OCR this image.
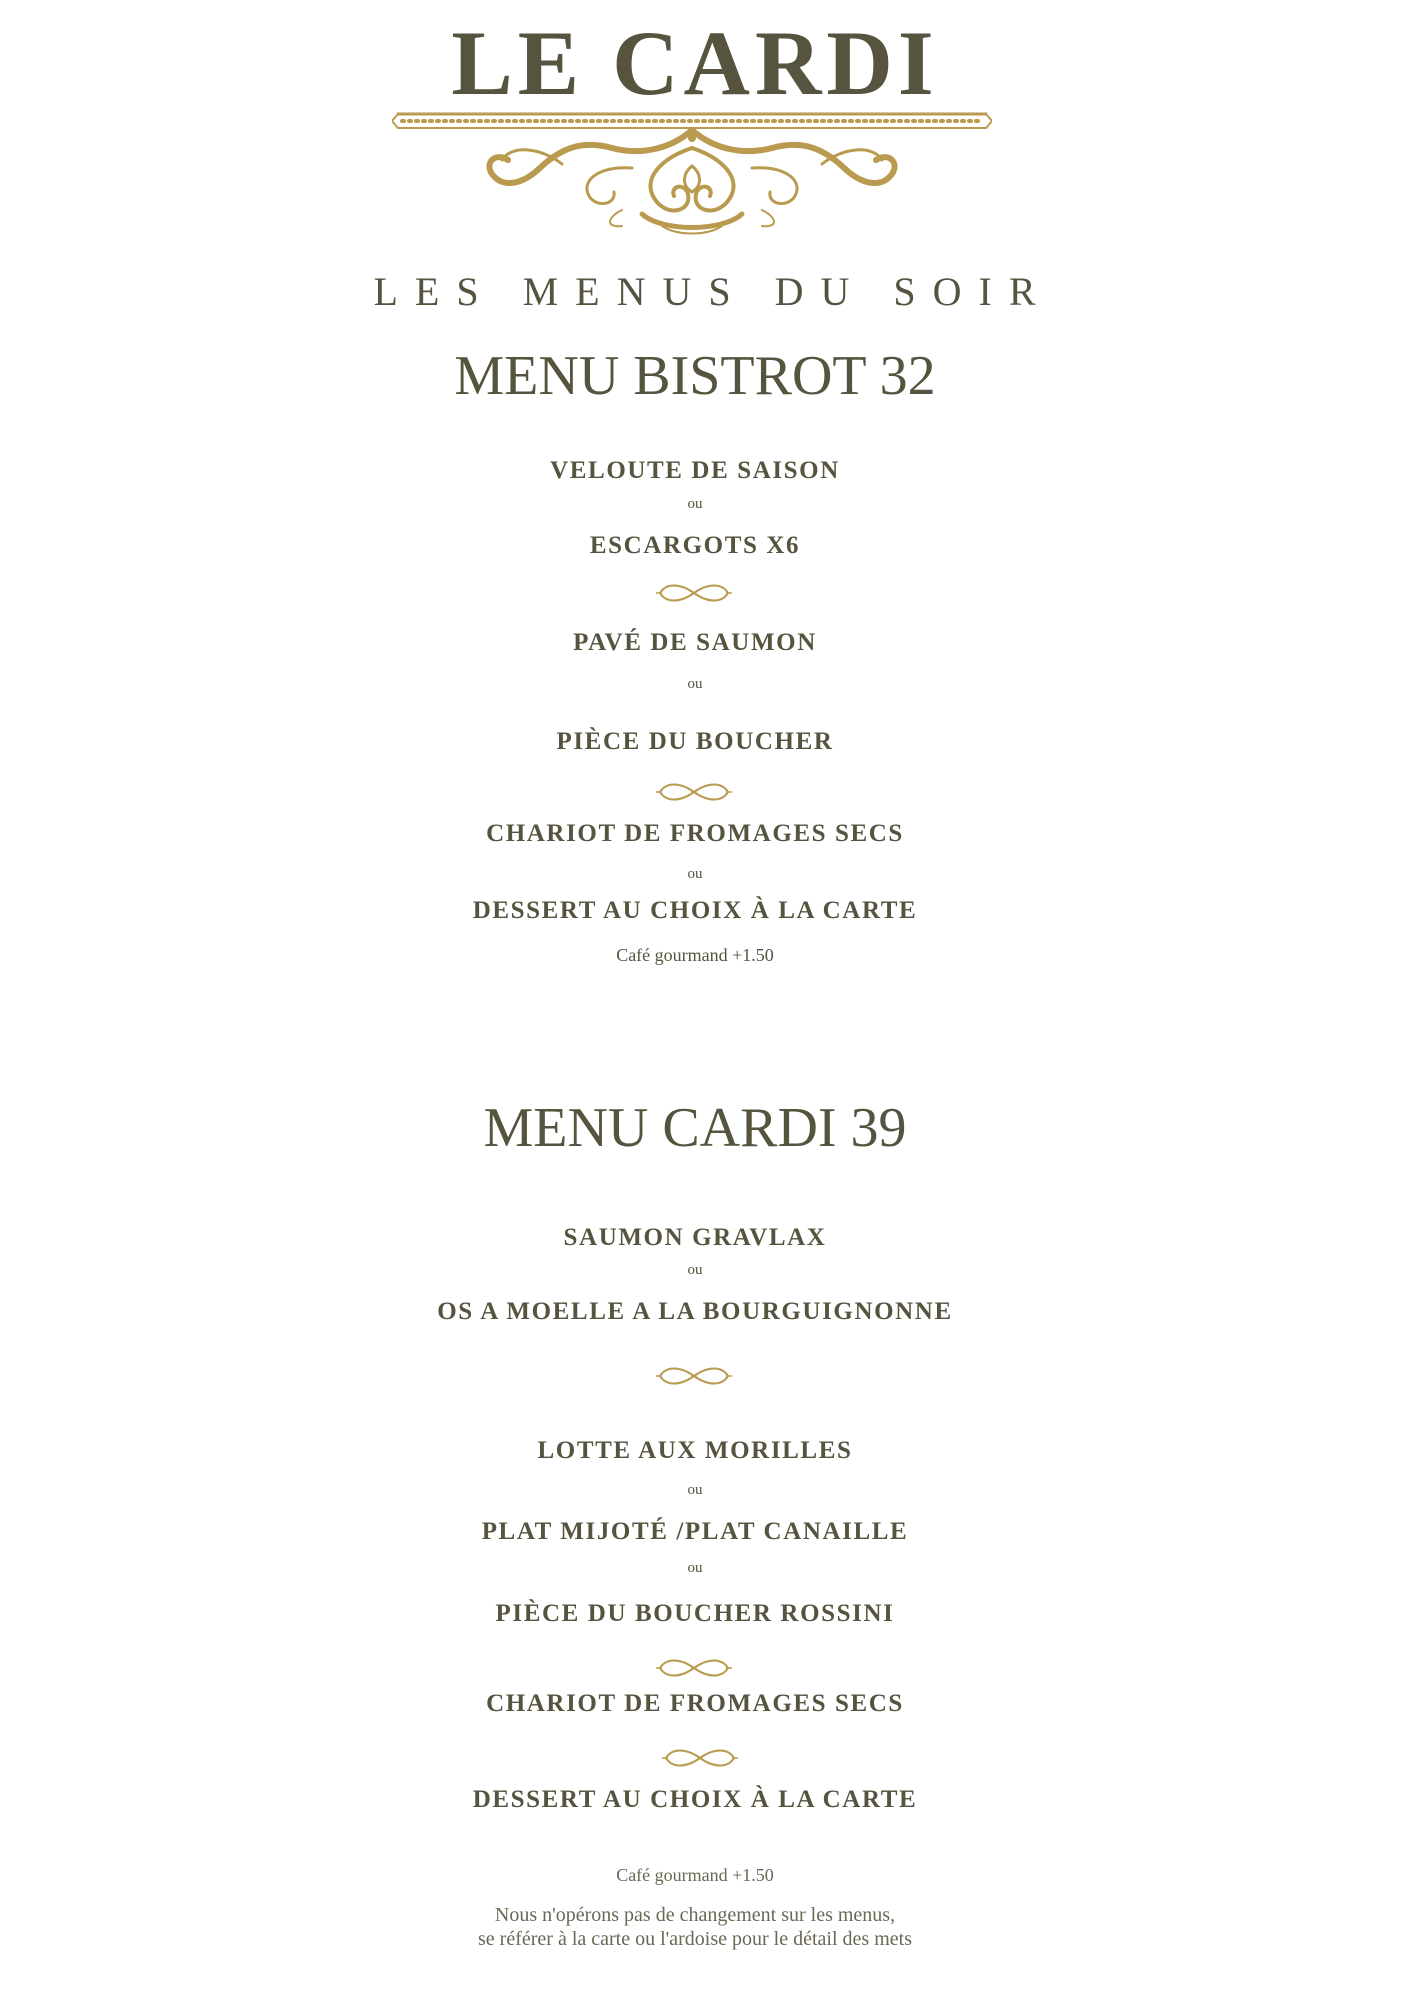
LE CARDI
LES MENUS DU SOIR
MENU BISTROT 32
VELOUTE DE SAISON
ou
ESCARGOTS X6
PAVÉ DE SAUMON
ou
PIÈCE DU BOUCHER
CHARIOT DE FROMAGES SECS
ou
DESSERT AU CHOIX À LA CARTE
Café gourmand +1.50
MENU CARDI 39
SAUMON GRAVLAX
ou
OS A MOELLE A LA BOURGUIGNONNE
LOTTE AUX MORILLES
ou
PLAT MIJOTÉ /PLAT CANAILLE
ou
PIÈCE DU BOUCHER ROSSINI
CHARIOT DE FROMAGES SECS
DESSERT AU CHOIX À LA CARTE
Café gourmand +1.50
Nous n'opérons pas de changement sur les menus,
se référer à la carte ou l'ardoise pour le détail des mets
